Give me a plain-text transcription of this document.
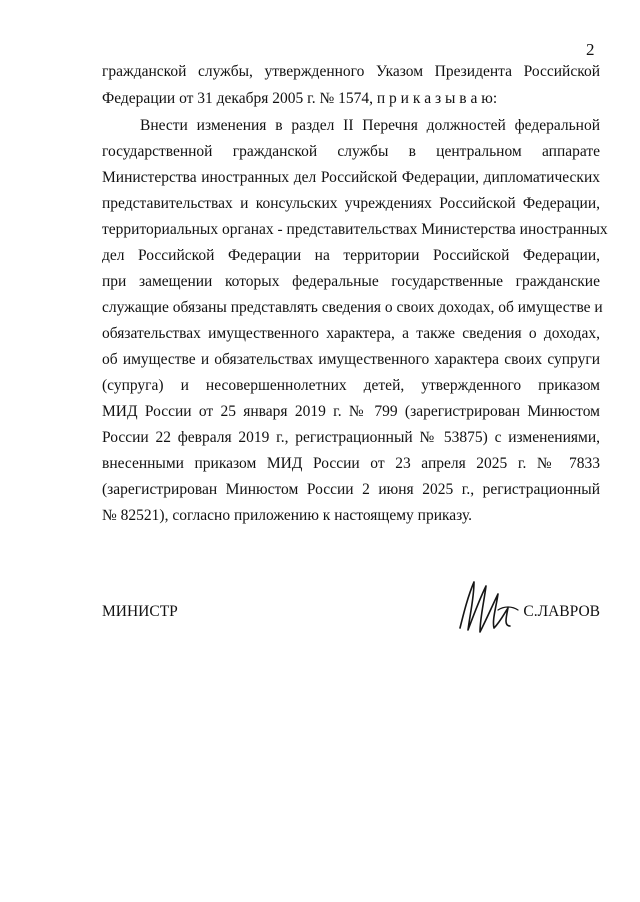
2
гражданской службы, утвержденного Указом Президента Российской
Федерации от 31 декабря 2005 г. № 1574, п р и к а з ы в а ю:
Внести изменения в раздел II Перечня должностей федеральной
государственной гражданской службы в центральном аппарате
Министерства иностранных дел Российской Федерации, дипломатических
представительствах и консульских учреждениях Российской Федерации,
территориальных органах - представительствах Министерства иностранных
дел Российской Федерации на территории Российской Федерации,
при замещении которых федеральные государственные гражданские
служащие обязаны представлять сведения о своих доходах, об имуществе и
обязательствах имущественного характера, а также сведения о доходах,
об имуществе и обязательствах имущественного характера своих супруги
(супруга) и несовершеннолетних детей, утвержденного приказом
МИД России от 25 января 2019 г. № 799 (зарегистрирован Минюстом
России 22 февраля 2019 г., регистрационный № 53875) с изменениями,
внесенными приказом МИД России от 23 апреля 2025 г. № 7833
(зарегистрирован Минюстом России 2 июня 2025 г., регистрационный
№ 82521), согласно приложению к настоящему приказу.
МИНИСТР	С.ЛАВРОВ
